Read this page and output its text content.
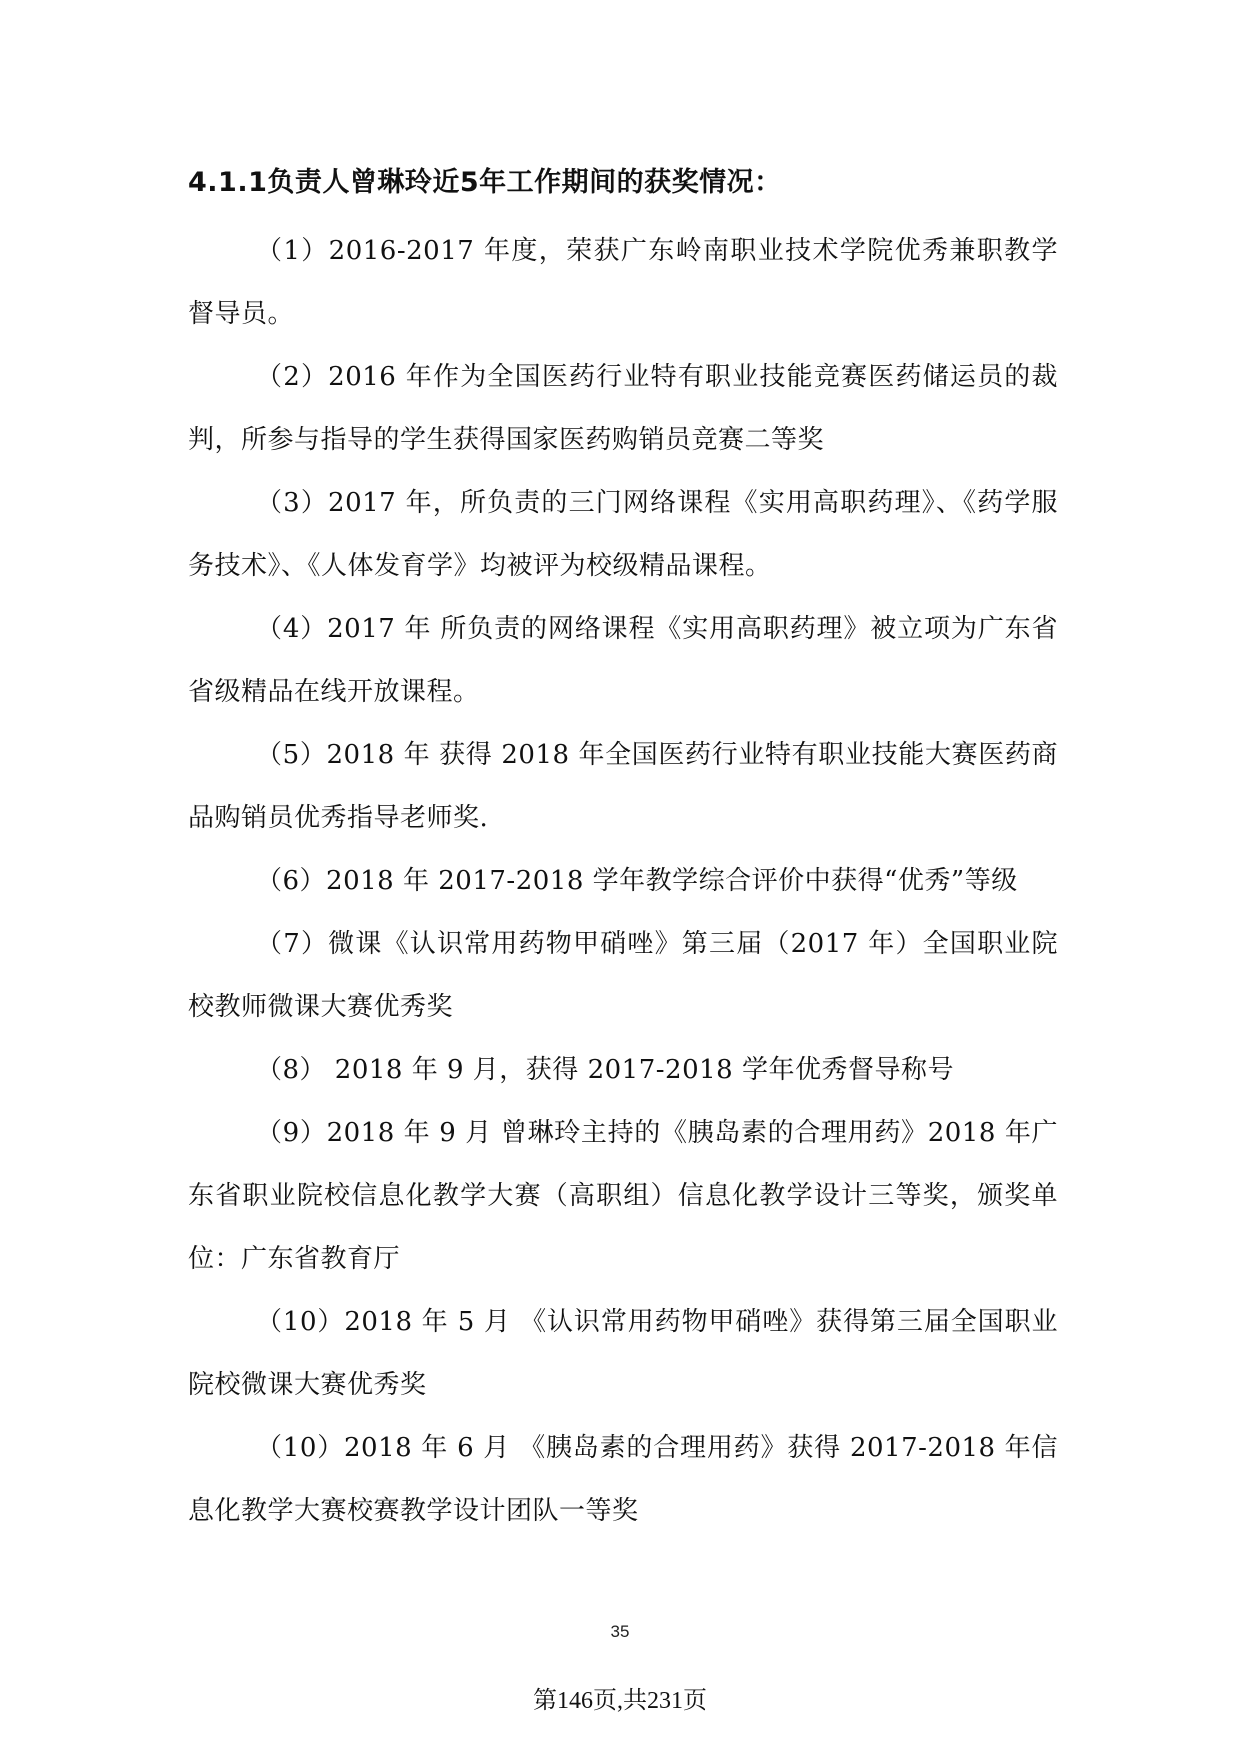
4.1.1负责人曾琳玲近5年工作期间的获奖情况：

（1）2016-2017 年度，荣获广东岭南职业技术学院优秀兼职教学督导员。

（2）2016 年作为全国医药行业特有职业技能竞赛医药储运员的裁判，所参与指导的学生获得国家医药购销员竞赛二等奖

（3）2017 年，所负责的三门网络课程《实用高职药理》、《药学服务技术》、《人体发育学》均被评为校级精品课程。

（4）2017 年 所负责的网络课程《实用高职药理》被立项为广东省省级精品在线开放课程。

（5）2018 年 获得 2018 年全国医药行业特有职业技能大赛医药商品购销员优秀指导老师奖.

（6）2018 年 2017-2018 学年教学综合评价中获得“优秀”等级

（7）微课《认识常用药物甲硝唑》第三届（2017 年）全国职业院校教师微课大赛优秀奖

（8） 2018 年 9 月，获得 2017-2018 学年优秀督导称号

（9）2018 年 9 月 曾琳玲主持的《胰岛素的合理用药》2018 年广东省职业院校信息化教学大赛（高职组）信息化教学设计三等奖，颁奖单位：广东省教育厅

（10）2018 年 5 月 《认识常用药物甲硝唑》获得第三届全国职业院校微课大赛优秀奖

（10）2018 年 6 月 《胰岛素的合理用药》获得 2017-2018 年信息化教学大赛校赛教学设计团队一等奖

35
第146页,共231页
